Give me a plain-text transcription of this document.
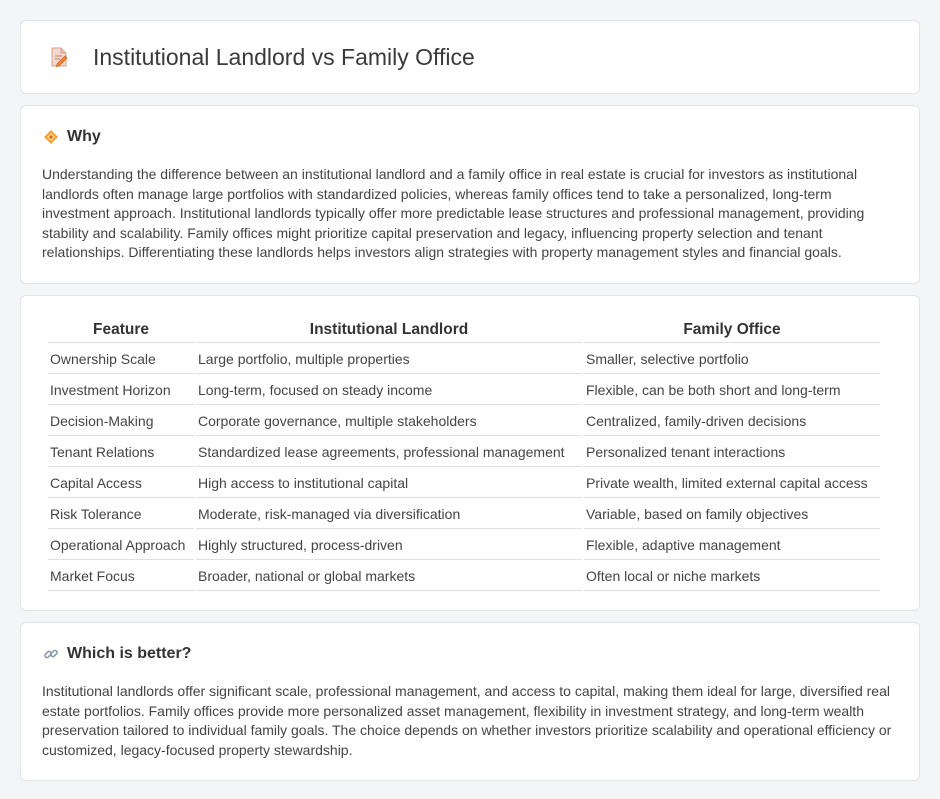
Institutional Landlord vs Family Office
Why

Understanding the difference between an institutional landlord and a family office in real estate is crucial for investors as institutional landlords often manage large portfolios with standardized policies, whereas family offices tend to take a personalized, long-term investment approach. Institutional landlords typically offer more predictable lease structures and professional management, providing stability and scalability. Family offices might prioritize capital preservation and legacy, influencing property selection and tenant relationships. Differentiating these landlords helps investors align strategies with property management styles and financial goals.

Feature	Institutional Landlord	Family Office
Ownership Scale	Large portfolio, multiple properties	Smaller, selective portfolio
Investment Horizon	Long-term, focused on steady income	Flexible, can be both short and long-term
Decision-Making	Corporate governance, multiple stakeholders	Centralized, family-driven decisions
Tenant Relations	Standardized lease agreements, professional management	Personalized tenant interactions
Capital Access	High access to institutional capital	Private wealth, limited external capital access
Risk Tolerance	Moderate, risk-managed via diversification	Variable, based on family objectives
Operational Approach	Highly structured, process-driven	Flexible, adaptive management
Market Focus	Broader, national or global markets	Often local or niche markets
Which is better?

Institutional landlords offer significant scale, professional management, and access to capital, making them ideal for large, diversified real estate portfolios. Family offices provide more personalized asset management, flexibility in investment strategy, and long-term wealth preservation tailored to individual family goals. The choice depends on whether investors prioritize scalability and operational efficiency or customized, legacy-focused property stewardship.
